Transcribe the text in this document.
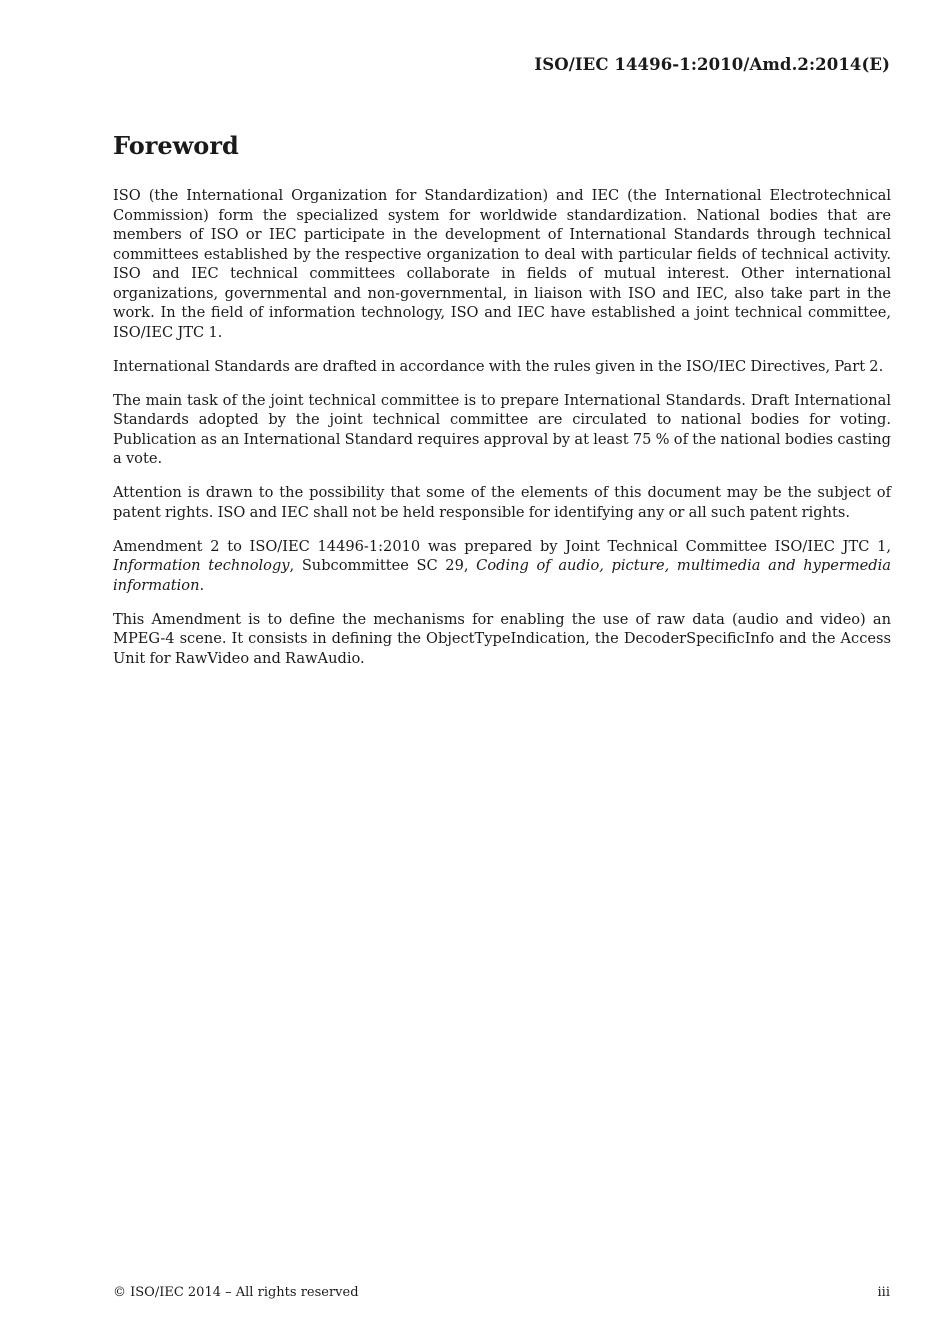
ISO/IEC 14496-1:2010/Amd.2:2014(E)
Foreword

ISO (the International Organization for Standardization) and IEC (the International Electrotechnical Commission) form the specialized system for worldwide standardization. National bodies that are members of ISO or IEC participate in the development of International Standards through technical committees established by the respective organization to deal with particular fields of technical activity. ISO and IEC technical committees collaborate in fields of mutual interest. Other international organizations, governmental and non-governmental, in liaison with ISO and IEC, also take part in the work. In the field of information technology, ISO and IEC have established a joint technical committee, ISO/IEC JTC 1.

International Standards are drafted in accordance with the rules given in the ISO/IEC Directives, Part 2.

The main task of the joint technical committee is to prepare International Standards. Draft International Standards adopted by the joint technical committee are circulated to national bodies for voting. Publication as an International Standard requires approval by at least 75 % of the national bodies casting a vote.

Attention is drawn to the possibility that some of the elements of this document may be the subject of patent rights. ISO and IEC shall not be held responsible for identifying any or all such patent rights.

Amendment 2 to ISO/IEC 14496-1:2010 was prepared by Joint Technical Committee ISO/IEC JTC 1, Information technology, Subcommittee SC 29, Coding of audio, picture, multimedia and hypermedia information.

This Amendment is to define the mechanisms for enabling the use of raw data (audio and video) an MPEG-4 scene. It consists in defining the ObjectTypeIndication, the DecoderSpecificInfo and the Access Unit for RawVideo and RawAudio.

© ISO/IEC 2014 – All rights reserved	iii
